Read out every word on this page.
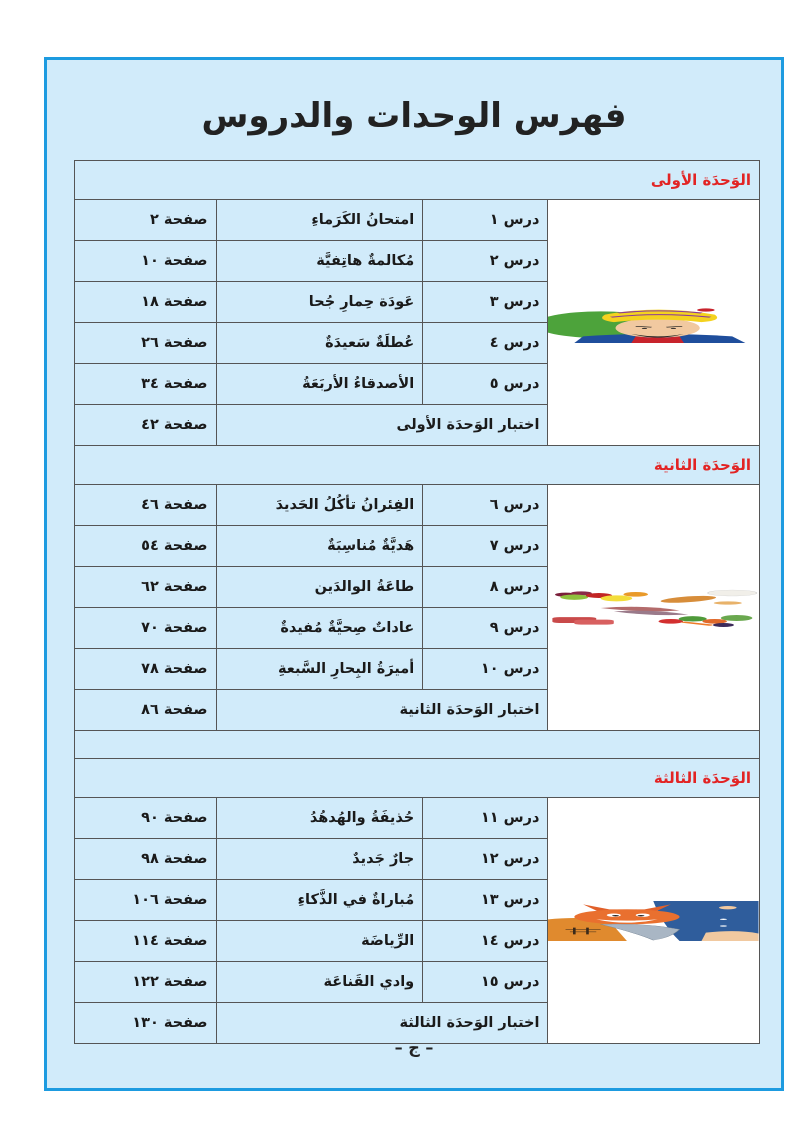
فهرس الوحدات والدروس
الوَحدَة الأولى			

	درس ١	امتحانُ الكَرَماءِ	صفحة ٢
	درس ٢	مُكالمةٌ هاتِفيَّة	صفحة ١٠
	درس ٣	عَودَة حِمارِ جُحا	صفحة ١٨
	درس ٤	عُطلَةٌ سَعيدَةٌ	صفحة ٢٦
	درس ٥	الأصدقاءُ الأربَعَةُ	صفحة ٣٤
	اختبار الوَحدَة الأولى		صفحة ٤٢
الوَحدَة الثانية			

	درس ٦	الفِئرانُ تأكُلُ الحَديدَ	صفحة ٤٦
	درس ٧	هَديَّةٌ مُناسِبَةٌ	صفحة ٥٤
	درس ٨	طاعَةُ الوالدَين	صفحة ٦٢
	درس ٩	عاداتٌ صِحيَّةٌ مُفيدةٌ	صفحة ٧٠
	درس ١٠	أميرَةُ البِحارِ السَّبعةِ	صفحة ٧٨
	اختبار الوَحدَة الثانية		صفحة ٨٦

الوَحدَة الثالثة			

	درس ١١	حُذيفَةُ والهُدهُدُ	صفحة ٩٠
	درس ١٢	جارٌ جَديدٌ	صفحة ٩٨
	درس ١٣	مُباراةٌ في الذَّكاءِ	صفحة ١٠٦
	درس ١٤	الرِّياضَة	صفحة ١١٤
	درس ١٥	وادي القَناعَة	صفحة ١٢٢
	اختبار الوَحدَة الثالثة		صفحة ١٣٠
– ج –
